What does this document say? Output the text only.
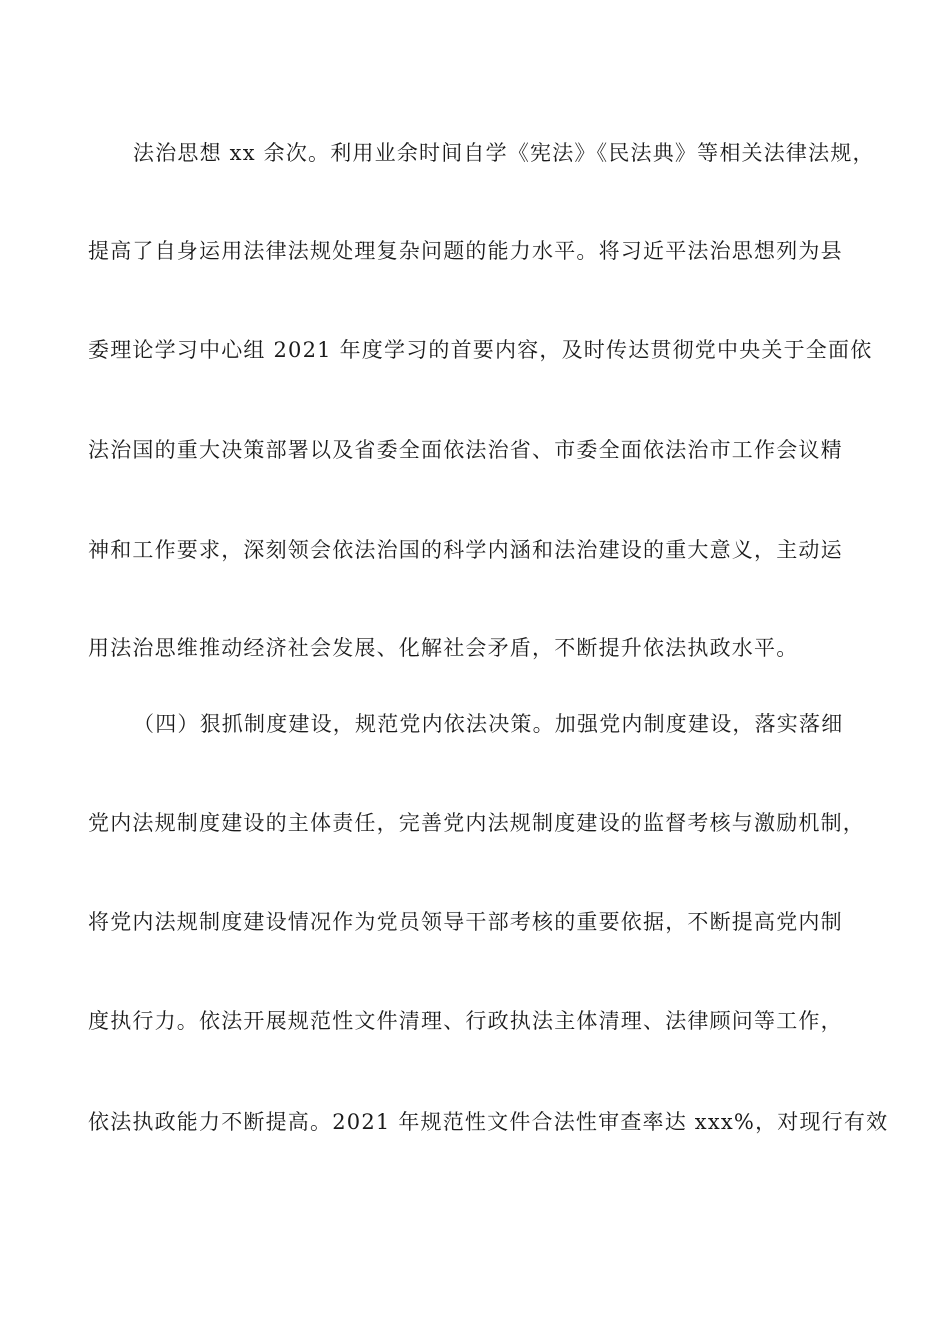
法治思想 xx 余次。利用业余时间自学《宪法》《民法典》等相关法律法规，
提高了自身运用法律法规处理复杂问题的能力水平。将习近平法治思想列为县
委理论学习中心组 2021 年度学习的首要内容，及时传达贯彻党中央关于全面依
法治国的重大决策部署以及省委全面依法治省、市委全面依法治市工作会议精
神和工作要求，深刻领会依法治国的科学内涵和法治建设的重大意义，主动运
用法治思维推动经济社会发展、化解社会矛盾，不断提升依法执政水平。
（四）狠抓制度建设，规范党内依法决策。加强党内制度建设，落实落细
党内法规制度建设的主体责任，完善党内法规制度建设的监督考核与激励机制，
将党内法规制度建设情况作为党员领导干部考核的重要依据，不断提高党内制
度执行力。依法开展规范性文件清理、行政执法主体清理、法律顾问等工作，
依法执政能力不断提高。2021 年规范性文件合法性审查率达 xxx%，对现行有效
